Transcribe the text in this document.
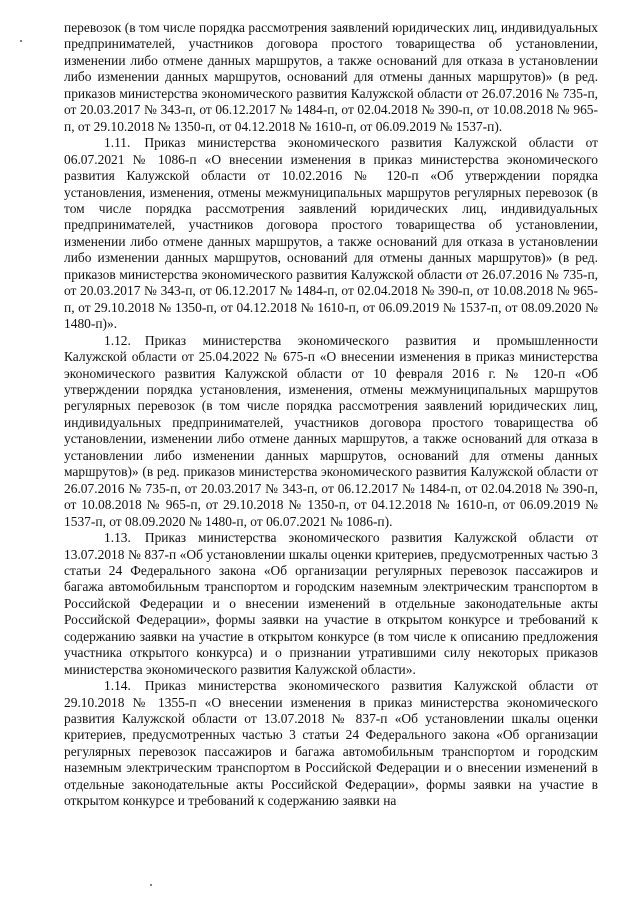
перевозок (в том числе порядка рассмотрения заявлений юридических лиц, индивидуальных предпринимателей, участников договора простого товарищества об установлении, изменении либо отмене данных маршрутов, а также оснований для отказа в установлении либо изменении данных маршрутов, оснований для отмены данных маршрутов)» (в ред. приказов министерства экономического развития Калужской области от 26.07.2016 № 735-п, от 20.03.2017 № 343-п, от 06.12.2017 № 1484-п, от 02.04.2018 № 390-п, от 10.08.2018 № 965-п, от 29.10.2018 № 1350-п, от 04.12.2018 № 1610-п, от 06.09.2019 № 1537-п).

1.11. Приказ министерства экономического развития Калужской области от 06.07.2021 № 1086-п «О внесении изменения в приказ министерства экономического развития Калужской области от 10.02.2016 № 120-п «Об утверждении порядка установления, изменения, отмены межмуниципальных маршрутов регулярных перевозок (в том числе порядка рассмотрения заявлений юридических лиц, индивидуальных предпринимателей, участников договора простого товарищества об установлении, изменении либо отмене данных маршрутов, а также оснований для отказа в установлении либо изменении данных маршрутов, оснований для отмены данных маршрутов)» (в ред. приказов министерства экономического развития Калужской области от 26.07.2016 № 735-п, от 20.03.2017 № 343-п, от 06.12.2017 № 1484-п, от 02.04.2018 № 390-п, от 10.08.2018 № 965-п, от 29.10.2018 № 1350-п, от 04.12.2018 № 1610-п, от 06.09.2019 № 1537-п, от 08.09.2020 № 1480-п)».

1.12. Приказ министерства экономического развития и промышленности Калужской области от 25.04.2022 № 675-п «О внесении изменения в приказ министерства экономического развития Калужской области от 10 февраля 2016 г. № 120-п «Об утверждении порядка установления, изменения, отмены межмуниципальных маршрутов регулярных перевозок (в том числе порядка рассмотрения заявлений юридических лиц, индивидуальных предпринимателей, участников договора простого товарищества об установлении, изменении либо отмене данных маршрутов, а также оснований для отказа в установлении либо изменении данных маршрутов, оснований для отмены данных маршрутов)» (в ред. приказов министерства экономического развития Калужской области от 26.07.2016 № 735-п, от 20.03.2017 № 343-п, от 06.12.2017 № 1484-п, от 02.04.2018 № 390-п, от 10.08.2018 № 965-п, от 29.10.2018 № 1350-п, от 04.12.2018 № 1610-п, от 06.09.2019 № 1537-п, от 08.09.2020 № 1480-п, от 06.07.2021 № 1086-п).

1.13. Приказ министерства экономического развития Калужской области от 13.07.2018 № 837-п «Об установлении шкалы оценки критериев, предусмотренных частью 3 статьи 24 Федерального закона «Об организации регулярных перевозок пассажиров и багажа автомобильным транспортом и городским наземным электрическим транспортом в Российской Федерации и о внесении изменений в отдельные законодательные акты Российской Федерации», формы заявки на участие в открытом конкурсе и требований к содержанию заявки на участие в открытом конкурсе (в том числе к описанию предложения участника открытого конкурса) и о признании утратившими силу некоторых приказов министерства экономического развития Калужской области».

1.14. Приказ министерства экономического развития Калужской области от 29.10.2018 № 1355-п «О внесении изменения в приказ министерства экономического развития Калужской области от 13.07.2018 № 837-п «Об установлении шкалы оценки критериев, предусмотренных частью 3 статьи 24 Федерального закона «Об организации регулярных перевозок пассажиров и багажа автомобильным транспортом и городским наземным электрическим транспортом в Российской Федерации и о внесении изменений в отдельные законодательные акты Российской Федерации», формы заявки на участие в открытом конкурсе и требований к содержанию заявки на
